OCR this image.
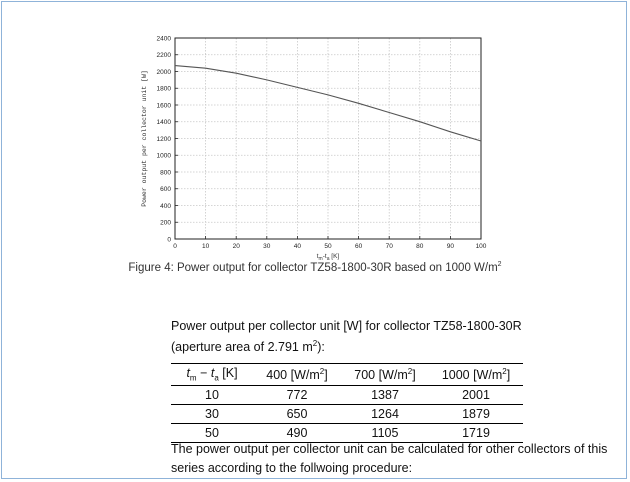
0	10	20	30	40	50	60	70	80	90	100
0
200
400
600
800
1000
1200
1400
1600
1800
2000
2200
2400
Power output per collector unit [W]
$t_m-t_a$ [K]
Figure 4: Power output for collector TZ58-1800-30R based on 1000 $W/m^2$
Power output per collector unit [W] for collector TZ58-1800-30R
(aperture area of 2.791 $m^2$):
$t_m - t_a$ [K]	400 $[W/m^2]$	700 $[W/m^2]$	1000 $[W/m^2]$
10	772	1387	2001
30	650	1264	1879
50	490	1105	1719
The power output per collector unit can be calculated for other collectors of this series according to the follwoing procedure:
